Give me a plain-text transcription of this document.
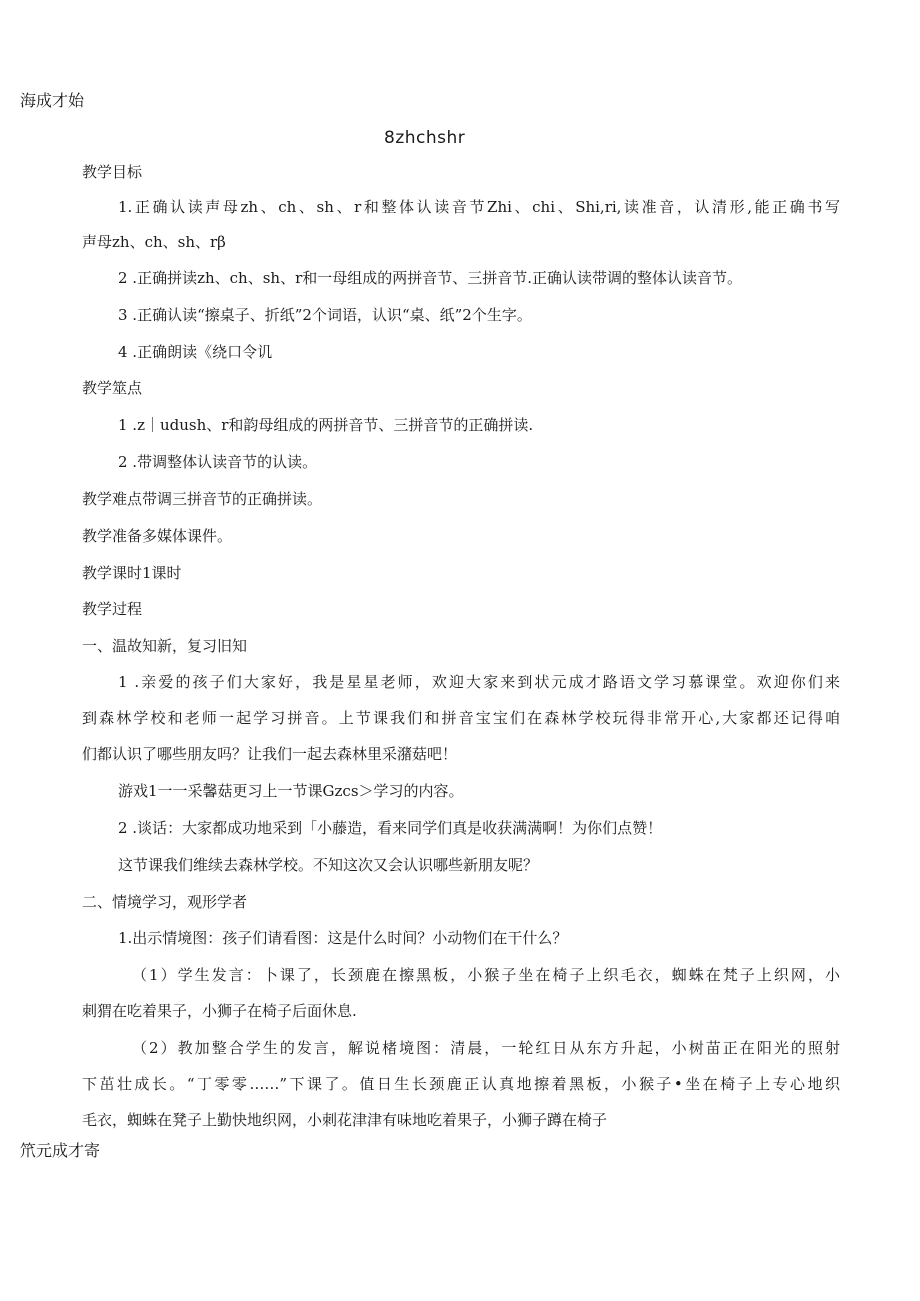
海成才始
8zhchshr
教学目标
1.正确认读声母zh、ch、sh、r和整体认读音节Zhi、chi、Shi,ri,读准音，认清形,能正确书写
声母zh、ch、sh、rβ
2 .正确拼读zh、ch、sh、r和一母组成的两拼音节、三拼音节.正确认读带调的整体认读音节。
3 .正确认读“擦桌子、折纸”2个词语，认识“桌、纸”2个生字。
4 .正确朗读《绕口令讥
教学筮点
1 .z｜udush、r和韵母组成的两拼音节、三拼音节的正确拼读.
2 .带调整体认读音节的认读。
教学难点带调三拼音节的正确拼读。
教学准备多媒体课件。
教学课时1课时
教学过程
一、温故知新，复习旧知
1 .亲爱的孩子们大家好，我是星星老师，欢迎大家来到状元成才路语文学习慕课堂。欢迎你们来
到森林学校和老师一起学习拼音。上节课我们和拼音宝宝们在森林学校玩得非常开心,大家都还记得咱
们都认识了哪些朋友吗？让我们一起去森林里采潴菇吧！
游戏1一一采馨菇更习上一节课Gzcs＞学习的内容。
2 .谈话：大家都成功地采到「小藤造，看来同学们真是收获满满啊！为你们点赞！
这节课我们维续去森林学校。不知这次又会认识哪些新朋友呢？
二、情境学习，观形学者
1.出示情境图：孩子们请看图：这是什么时间？小动物们在干什么？
（1）学生发言：卜课了，长颈鹿在擦黑板，小猴子坐在椅子上织毛衣，蜘蛛在梵子上织网，小
刺猬在吃着果子，小狮子在椅子后面休息.
（2）教加整合学生的发言，解说楮境图：清晨，一轮红日从东方升起，小树苗正在阳光的照射
下茁壮成长。“丁零零……”下课了。值日生长颈鹿正认真地擦着黑板，小猴子•坐在椅子上专心地织
毛衣，蜘蛛在凳子上勤快地织网，小刺花津津有味地吃着果子，小狮子蹲在椅子
笊元成才寄
